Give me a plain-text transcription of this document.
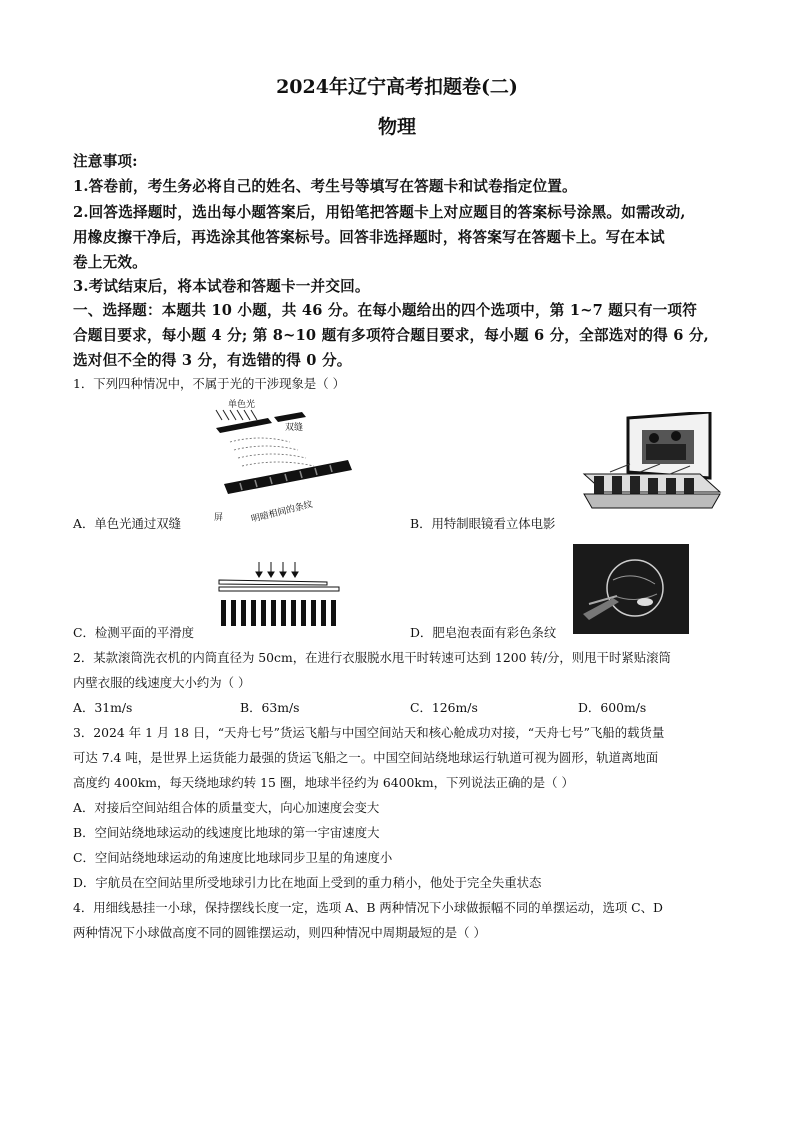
2024年辽宁高考扣题卷(二)
物理
注意事项:
1.答卷前，考生务必将自己的姓名、考生号等填写在答题卡和试卷指定位置。
2.回答选择题时，选出每小题答案后，用铅笔把答题卡上对应题目的答案标号涂黑。如需改动,
用橡皮擦干净后，再选涂其他答案标号。回答非选择题时，将答案写在答题卡上。写在本试
卷上无效。
3.考试结束后，将本试卷和答题卡一并交回。
一、选择题：本题共 10 小题，共 46 分。在每小题给出的四个选项中，第 1~7 题只有一项符
合题目要求，每小题 4 分; 第 8~10 题有多项符合题目要求，每小题 6 分，全部选对的得 6 分,
选对但不全的得 3 分，有选错的得 0 分。
1．下列四种情况中，不属于光的干涉现象是（ ）
单色光
双缝
屏	明暗相间的条纹
A．单色光通过双缝	B．用特制眼镜看立体电影
C．检测平面的平滑度	D．肥皂泡表面有彩色条纹
2．某款滚筒洗衣机的内筒直径为 50cm，在进行衣服脱水甩干时转速可达到 1200 转/分，则甩干时紧贴滚筒
内壁衣服的线速度大小约为（ ）
A．31m/s	B．63m/s	C．126m/s	D．600m/s
3．2024 年 1 月 18 日，“天舟七号”货运飞船与中国空间站天和核心舱成功对接，“天舟七号”飞船的载货量
可达 7.4 吨，是世界上运货能力最强的货运飞船之一。中国空间站绕地球运行轨道可视为圆形，轨道离地面
高度约 400km，每天绕地球约转 15 圈，地球半径约为 6400km，下列说法正确的是（ ）
A．对接后空间站组合体的质量变大，向心加速度会变大
B．空间站绕地球运动的线速度比地球的第一宇宙速度大
C．空间站绕地球运动的角速度比地球同步卫星的角速度小
D．宇航员在空间站里所受地球引力比在地面上受到的重力稍小，他处于完全失重状态
4．用细线悬挂一小球，保持摆线长度一定，选项 A、B 两种情况下小球做振幅不同的单摆运动，选项 C、D
两种情况下小球做高度不同的圆锥摆运动，则四种情况中周期最短的是（ ）
